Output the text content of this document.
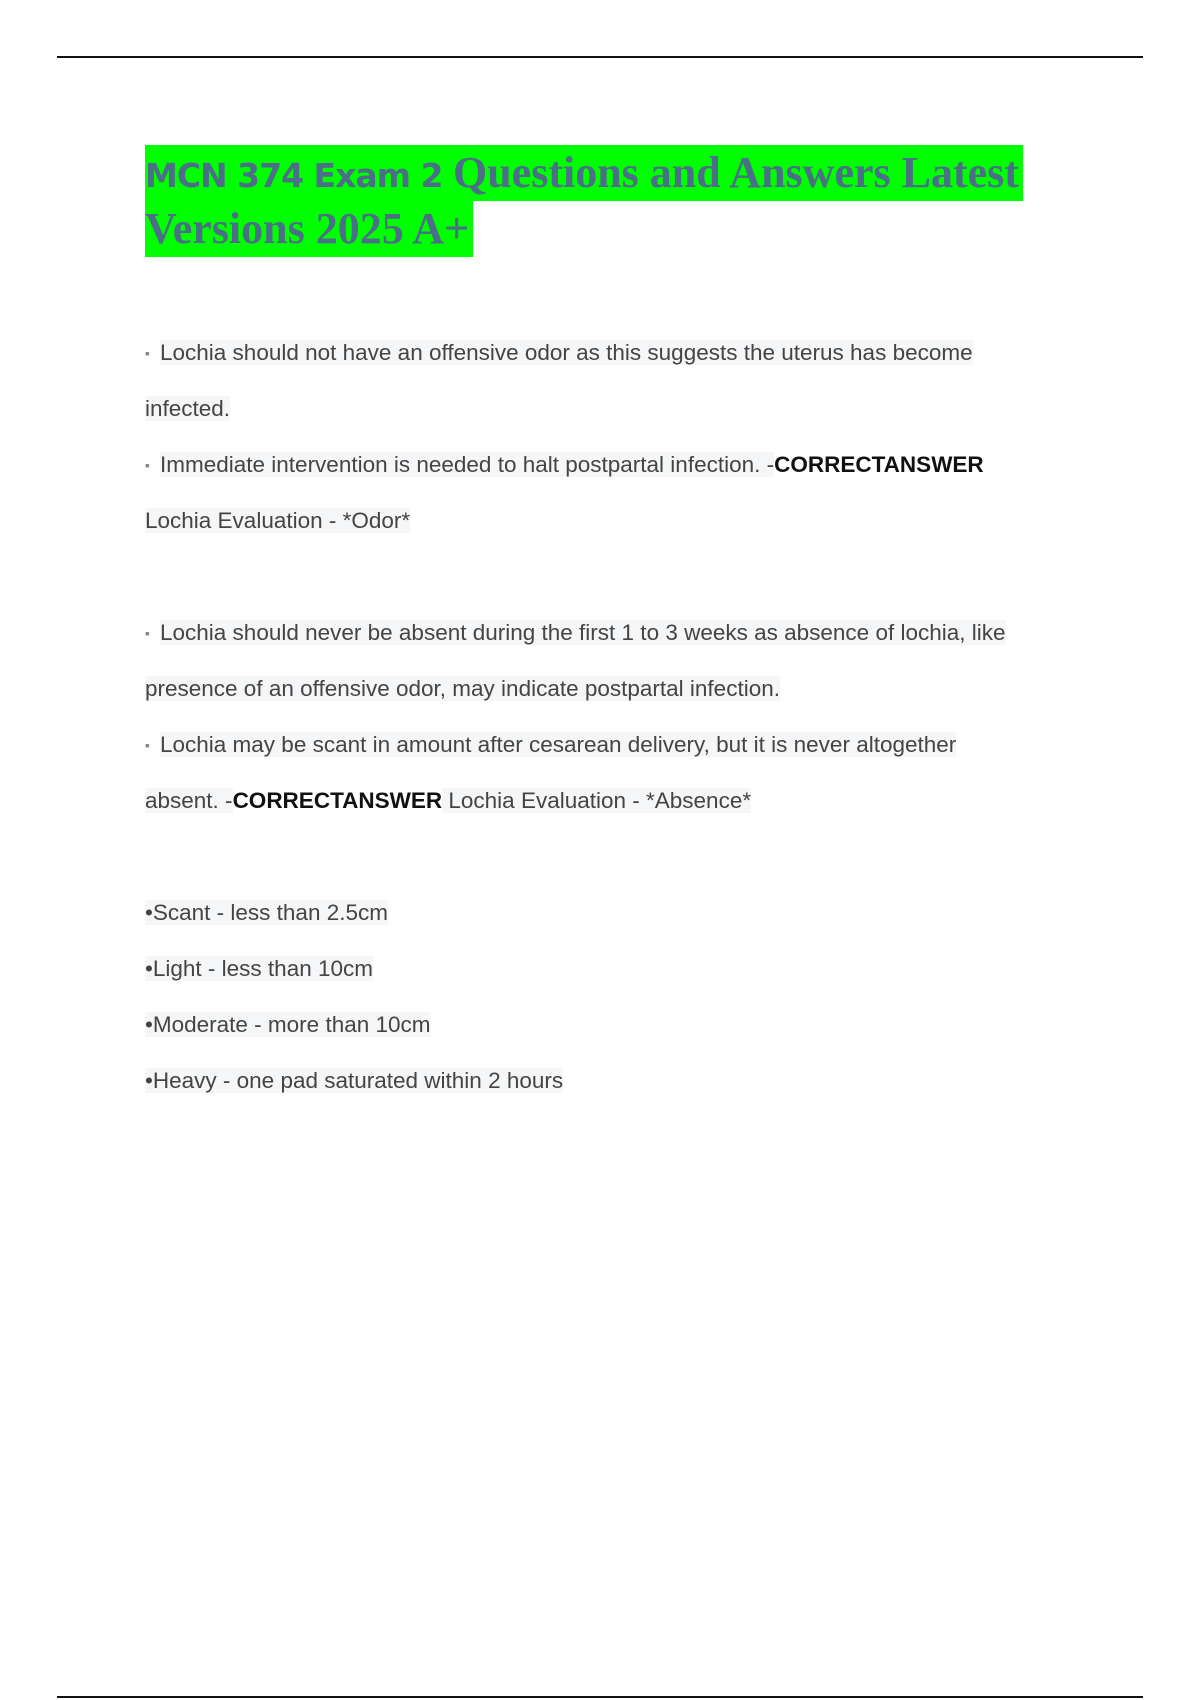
MCN 374 Exam 2 Questions and Answers Latest
Versions 2025 A+
▪ Lochia should not have an offensive odor as this suggests the uterus has become
infected.
▪ Immediate intervention is needed to halt postpartal infection. -CORRECTANSWER
Lochia Evaluation - *Odor*
▪ Lochia should never be absent during the first 1 to 3 weeks as absence of lochia, like
presence of an offensive odor, may indicate postpartal infection.
▪ Lochia may be scant in amount after cesarean delivery, but it is never altogether
absent. -CORRECTANSWER Lochia Evaluation - *Absence*
•Scant - less than 2.5cm
•Light - less than 10cm
•Moderate - more than 10cm
•Heavy - one pad saturated within 2 hours
